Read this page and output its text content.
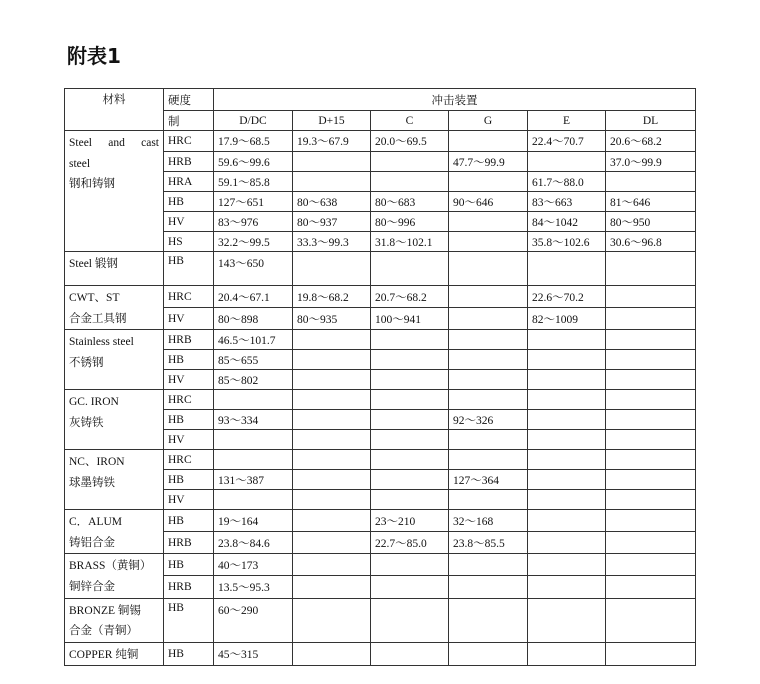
附表1
材料	硬度	冲击装置					
	制	D/DC	D+15	C	G	E	DL

Steel and cast
steel
钢和铸钢	HRC	17.9～68.5	19.3～67.9	20.0～69.5		22.4～70.7	20.6～68.2
	HRB	59.6～99.6			47.7～99.9		37.0～99.9
	HRA	59.1～85.8				61.7～88.0	
	HB	127～651	80～638	80～683	90～646	83～663	81～646
	HV	83～976	80～937	80～996		84～1042	80～950
	HS	32.2～99.5	33.3～99.3	31.8～102.1		35.8～102.6	30.6～96.8

Steel 锻钢	HB	143～650					

CWT、ST
合金工具钢	HRC	20.4～67.1	19.8～68.2	20.7～68.2		22.6～70.2	
	HV	80～898	80～935	100～941		82～1009	

Stainless steel
不锈钢	HRB	46.5～101.7					
	HB	85～655					
	HV	85～802					

GC. IRON
灰铸铁	HRC						
	HB	93～334			92～326		
	HV						

NC、IRON
球墨铸铁	HRC						
	HB	131～387			127～364		
	HV						

C．ALUM
铸铝合金	HB	19～164		23～210	32～168		
	HRB	23.8～84.6		22.7～85.0	23.8～85.5		

BRASS（黄铜）
铜锌合金	HB	40～173					
	HRB	13.5～95.3					

BRONZE 铜锡
合金（青铜）	HB	60～290					

COPPER 纯铜	HB	45～315					
